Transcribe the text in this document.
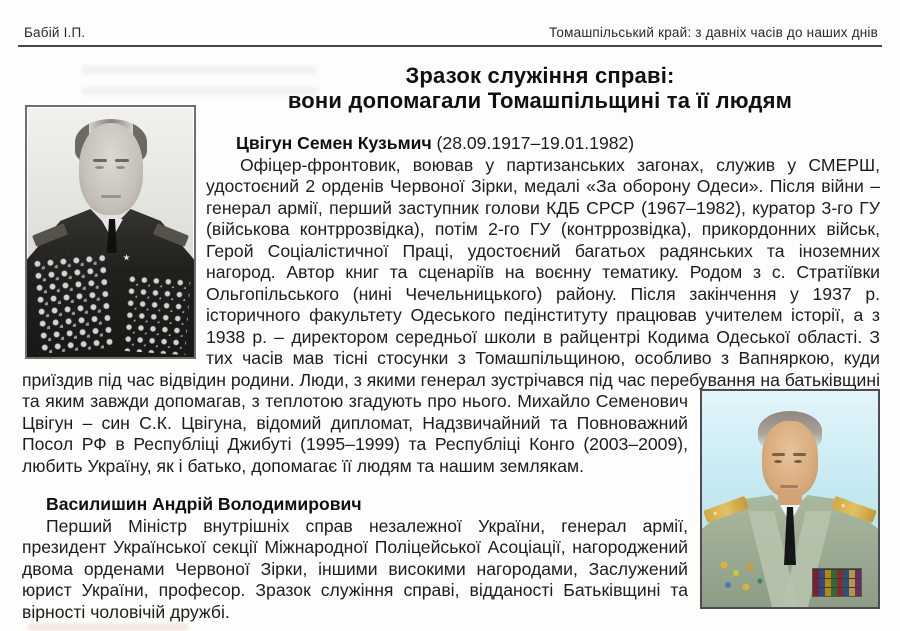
Бабій І.П.	Томашпільський край: з давніх часів до наших днів
Зразок служіння справі:
вони допомагали Томашпільщині та її людям
Цвігун Семен Кузьмич (28.09.1917–19.01.1982)
Офіцер-фронтовик, воював у партизанських загонах, служив у СМЕРШ, удостоєний 2 орденів Червоної Зірки, медалі «За оборону Одеси». Після війни – генерал армії, перший заступник голови КДБ СРСР (1967–1982), куратор 3-го ГУ (військова контррозвідка), потім 2-го ГУ (контррозвідка), прикордонних військ, Герой Соціалістичної Праці, удостоєний багатьох радянських та іноземних нагород. Автор книг та сценаріїв на воєнну тематику. Родом з с. Стратіївки Ольгопільського (нині Чечельницького) району. Після закінчення у 1937 р. історичного факультету Одеського педінституту працював учителем історії, а з 1938 р. – директором середньої школи в райцентрі Кодима Одеської області. З тих часів мав тісні стосунки з Томашпільщиною, особливо з Вапняркою, куди приїздив під час відвідин родини. Люди, з якими генерал зустрічався під час перебування на батьківщині та яким завжди допомагав, з теплотою згадують про нього. Михайло Семенович Цвігун – син С.К. Цвігуна, відомий дипломат, Надзвичайний та Повноважний Посол РФ в Республіці Джибуті (1995–1999) та Республіці Конго (2003–2009), любить Україну, як і батько, допомагає її людям та нашим землякам.
Василишин Андрій Володимирович
Перший Міністр внутрішніх справ незалежної України, генерал армії, президент Української секції Міжнародної Поліцейської Асоціації, нагороджений двома орденами Червоної Зірки, іншими високими нагородами, Заслужений юрист України, професор. Зразок служіння справі, відданості Батьківщині та вірності чоловічій дружбі.
